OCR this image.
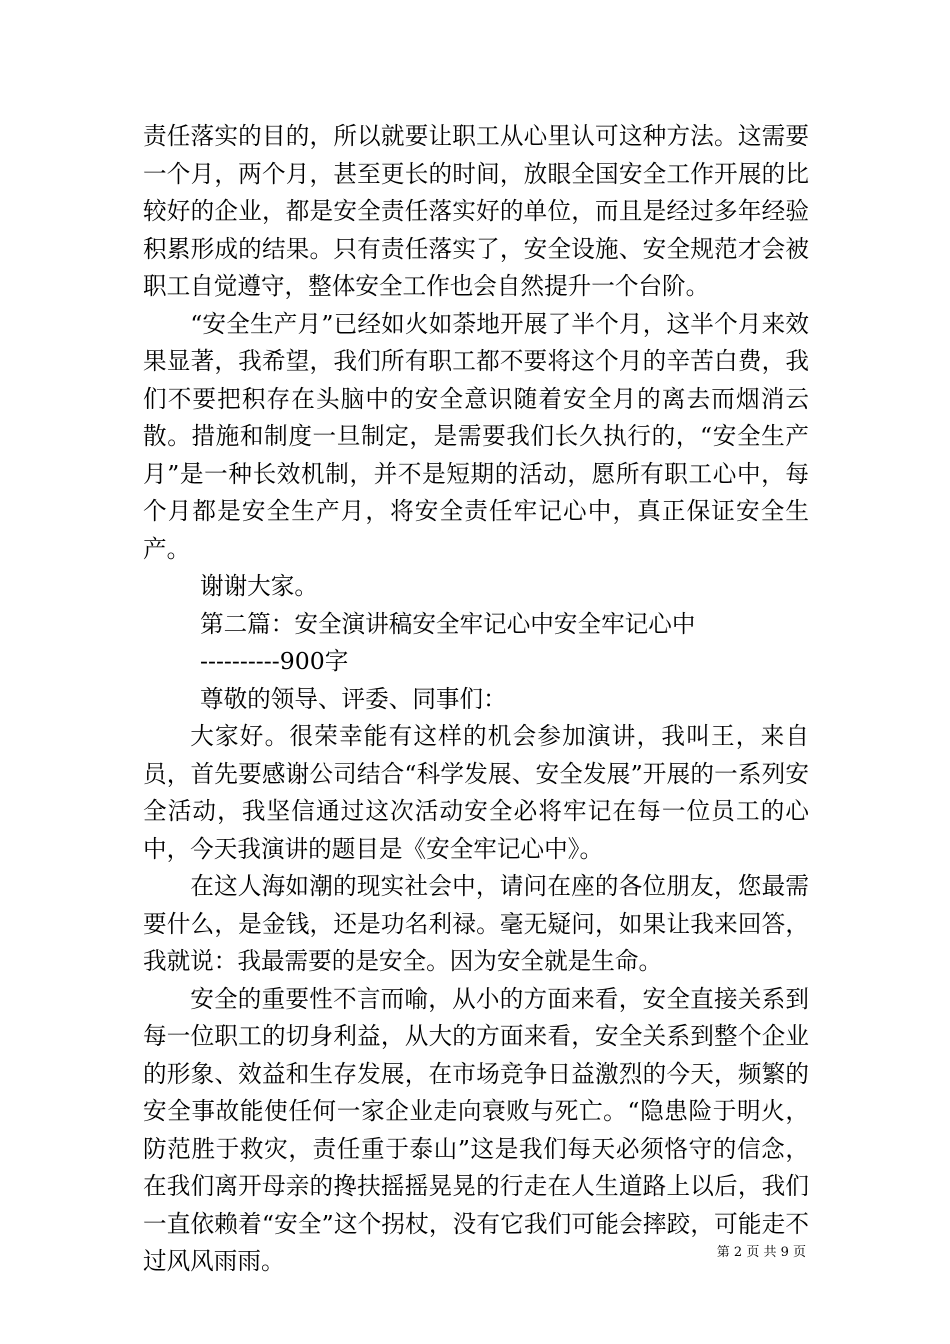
责任落实的目的，所以就要让职工从心里认可这种方法。这需要一个月，两个月，甚至更长的时间，放眼全国安全工作开展的比较好的企业，都是安全责任落实好的单位，而且是经过多年经验积累形成的结果。只有责任落实了，安全设施、安全规范才会被职工自觉遵守，整体安全工作也会自然提升一个台阶。

“安全生产月”已经如火如荼地开展了半个月，这半个月来效果显著，我希望，我们所有职工都不要将这个月的辛苦白费，我们不要把积存在头脑中的安全意识随着安全月的离去而烟消云散。措施和制度一旦制定，是需要我们长久执行的，“安全生产月”是一种长效机制，并不是短期的活动，愿所有职工心中，每个月都是安全生产月，将安全责任牢记心中，真正保证安全生产。

谢谢大家。

第二篇：安全演讲稿安全牢记心中安全牢记心中

----------900字

尊敬的领导、评委、同事们：

大家好。很荣幸能有这样的机会参加演讲，我叫王，来自员，首先要感谢公司结合“科学发展、安全发展”开展的一系列安全活动，我坚信通过这次活动安全必将牢记在每一位员工的心中，今天我演讲的题目是《安全牢记心中》。

在这人海如潮的现实社会中，请问在座的各位朋友，您最需要什么，是金钱，还是功名利禄。毫无疑问，如果让我来回答，我就说：我最需要的是安全。因为安全就是生命。

安全的重要性不言而喻，从小的方面来看，安全直接关系到每一位职工的切身利益，从大的方面来看，安全关系到整个企业的形象、效益和生存发展，在市场竞争日益激烈的今天，频繁的安全事故能使任何一家企业走向衰败与死亡。“隐患险于明火，防范胜于救灾，责任重于泰山”这是我们每天必须恪守的信念，在我们离开母亲的搀扶摇摇晃晃的行走在人生道路上以后，我们一直依赖着“安全”这个拐杖，没有它我们可能会摔跤，可能走不过风风雨雨。	第 2 页 共 9 页
